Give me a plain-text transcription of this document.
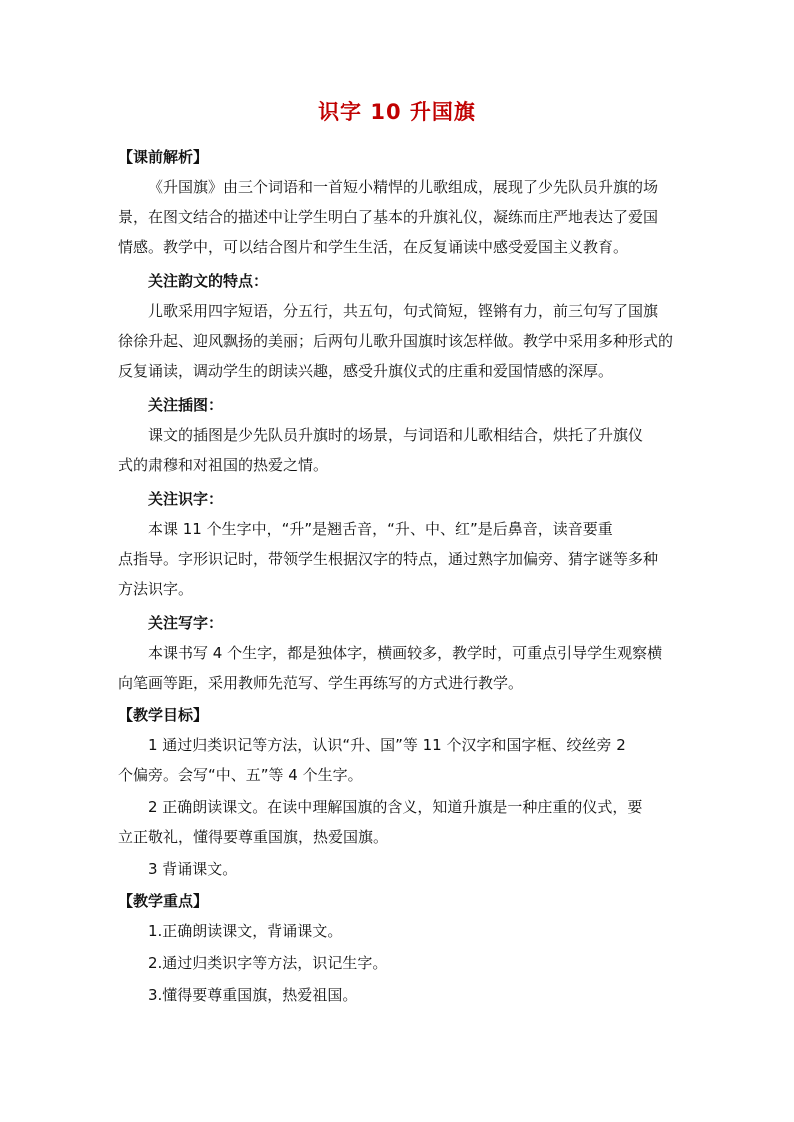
识字 10 升国旗
【课前解析】
《升国旗》由三个词语和一首短小精悍的儿歌组成，展现了少先队员升旗的场
景，在图文结合的描述中让学生明白了基本的升旗礼仪，凝练而庄严地表达了爱国
情感。教学中，可以结合图片和学生生活，在反复诵读中感受爱国主义教育。
关注韵文的特点：
儿歌采用四字短语，分五行，共五句，句式简短，铿锵有力，前三句写了国旗
徐徐升起、迎风飘扬的美丽；后两句儿歌升国旗时该怎样做。教学中采用多种形式的
反复诵读，调动学生的朗读兴趣，感受升旗仪式的庄重和爱国情感的深厚。
关注插图：
课文的插图是少先队员升旗时的场景，与词语和儿歌相结合，烘托了升旗仪
式的肃穆和对祖国的热爱之情。
关注识字：
本课 11 个生字中，“升”是翘舌音，“升、中、红”是后鼻音，读音要重
点指导。字形识记时，带领学生根据汉字的特点，通过熟字加偏旁、猜字谜等多种
方法识字。
关注写字：
本课书写 4 个生字，都是独体字，横画较多，教学时，可重点引导学生观察横
向笔画等距，采用教师先范写、学生再练写的方式进行教学。
【教学目标】
1 通过归类识记等方法，认识“升、国”等 11 个汉字和国字框、绞丝旁 2
个偏旁。会写“中、五”等 4 个生字。
2 正确朗读课文。在读中理解国旗的含义，知道升旗是一种庄重的仪式，要
立正敬礼，懂得要尊重国旗，热爱国旗。
3 背诵课文。
【教学重点】
1.正确朗读课文，背诵课文。
2.通过归类识字等方法，识记生字。
3.懂得要尊重国旗，热爱祖国。
